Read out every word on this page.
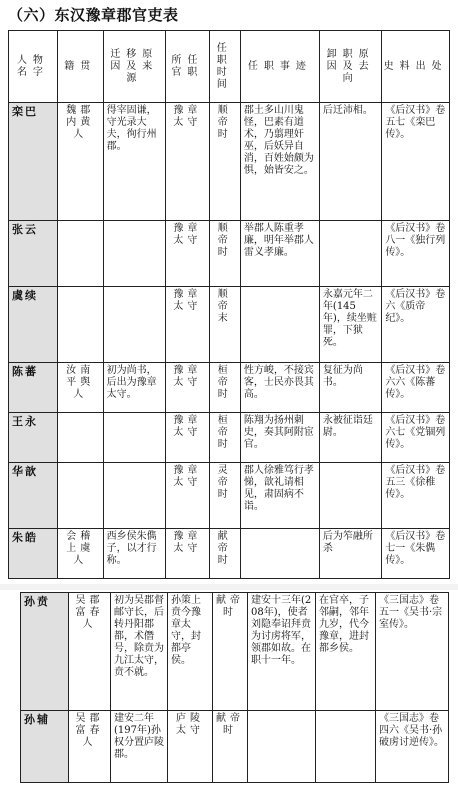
（六）东汉豫章郡官吏表
人物名字	籍贯	迁移原因及来源	所任官职	任职时间	任职事迹	卸职原因及去向	史料出处
栾巴	魏郡内黄人	得宰固谦，守光录大夫，徇行州郡。	豫章太守	顺帝时	郡土多山川鬼怪，巴素有道术，乃翦理奸巫，后妖异自消，百姓始颇为惧，始皆安之。	后迁沛相。	《后汉书》卷五七《栾巴传》。
张云			豫章太守	顺帝时	举郡人陈重孝廉，明年举郡人雷义孝廉。		《后汉书》卷八一《独行列传》。
虞续			豫章太守	顺帝末		永嘉元年二年(145年)，续坐赃罪，下狱死。	《后汉书》卷六《质帝纪》。
陈蕃	汝南平舆人	初为尚书，后出为豫章太守。	豫章太守	桓帝时	性方峻，不接宾客，士民亦畏其高。	复征为尚书。	《后汉书》卷六六《陈蕃传》。
王永			豫章太守	桓帝时	陈翔为扬州刺史，奏其阿附宦官。	永被征诣廷尉。	《后汉书》卷六七《党锢列传》。
华歆			豫章太守	灵帝时	郡人徐雅笃行孝悌，歆礼请相见，肃固病不诣。		《后汉书》卷五三《徐稚传》。
朱皓	会稽上虞人	西乡侯朱儁子，以才行称。	豫章太守	献帝时		后为笮融所杀	《后汉书》卷七一《朱儁传》。
孙贲	吴郡富春人	初为吴郡督邮守长，后转丹阳郡都，术僭号，除贲为九江太守，贲不就。	孙策上贲今豫章太守，封都亭侯。	献帝时	建安十三年(208年)，使者刘隐奉诏拜贲为讨虏将军，领郡如故。在职十一年。	在官卒，子邻嗣，邻年九岁，代今豫章，进封都乡侯。	《三国志》卷五一《吴书·宗室传》。
孙辅	吴郡富春人	建安二年(197年)孙权分置庐陵郡。	庐陵太守	献帝时			《三国志》卷四六《吴书·孙破虏讨逆传》。
